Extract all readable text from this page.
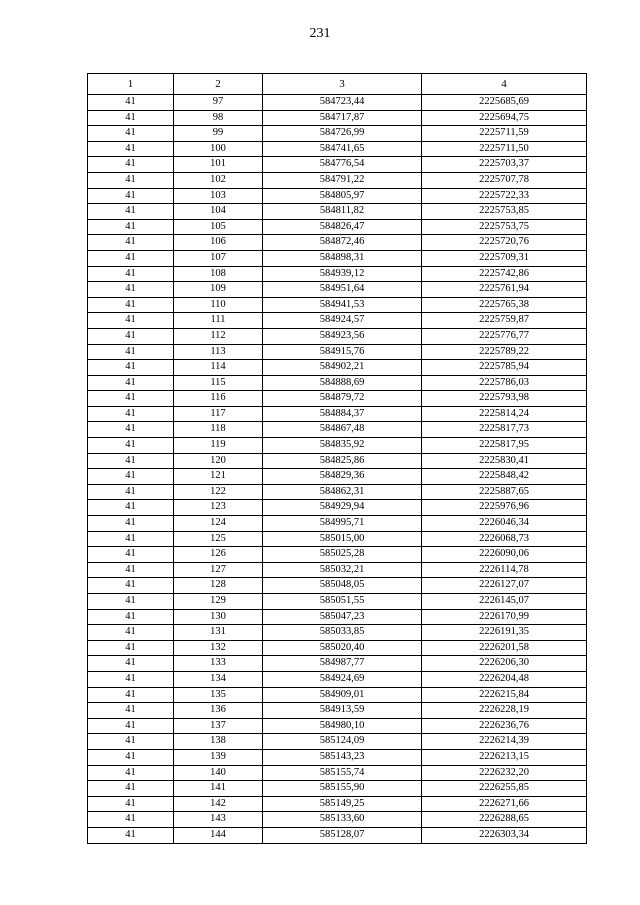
231
1	2	3	4
41	97	584723,44	2225685,69
41	98	584717,87	2225694,75
41	99	584726,99	2225711,59
41	100	584741,65	2225711,50
41	101	584776,54	2225703,37
41	102	584791,22	2225707,78
41	103	584805,97	2225722,33
41	104	584811,82	2225753,85
41	105	584826,47	2225753,75
41	106	584872,46	2225720,76
41	107	584898,31	2225709,31
41	108	584939,12	2225742,86
41	109	584951,64	2225761,94
41	110	584941,53	2225765,38
41	111	584924,57	2225759,87
41	112	584923,56	2225776,77
41	113	584915,76	2225789,22
41	114	584902,21	2225785,94
41	115	584888,69	2225786,03
41	116	584879,72	2225793,98
41	117	584884,37	2225814,24
41	118	584867,48	2225817,73
41	119	584835,92	2225817,95
41	120	584825,86	2225830,41
41	121	584829,36	2225848,42
41	122	584862,31	2225887,65
41	123	584929,94	2225976,96
41	124	584995,71	2226046,34
41	125	585015,00	2226068,73
41	126	585025,28	2226090,06
41	127	585032,21	2226114,78
41	128	585048,05	2226127,07
41	129	585051,55	2226145,07
41	130	585047,23	2226170,99
41	131	585033,85	2226191,35
41	132	585020,40	2226201,58
41	133	584987,77	2226206,30
41	134	584924,69	2226204,48
41	135	584909,01	2226215,84
41	136	584913,59	2226228,19
41	137	584980,10	2226236,76
41	138	585124,09	2226214,39
41	139	585143,23	2226213,15
41	140	585155,74	2226232,20
41	141	585155,90	2226255,85
41	142	585149,25	2226271,66
41	143	585133,60	2226288,65
41	144	585128,07	2226303,34
